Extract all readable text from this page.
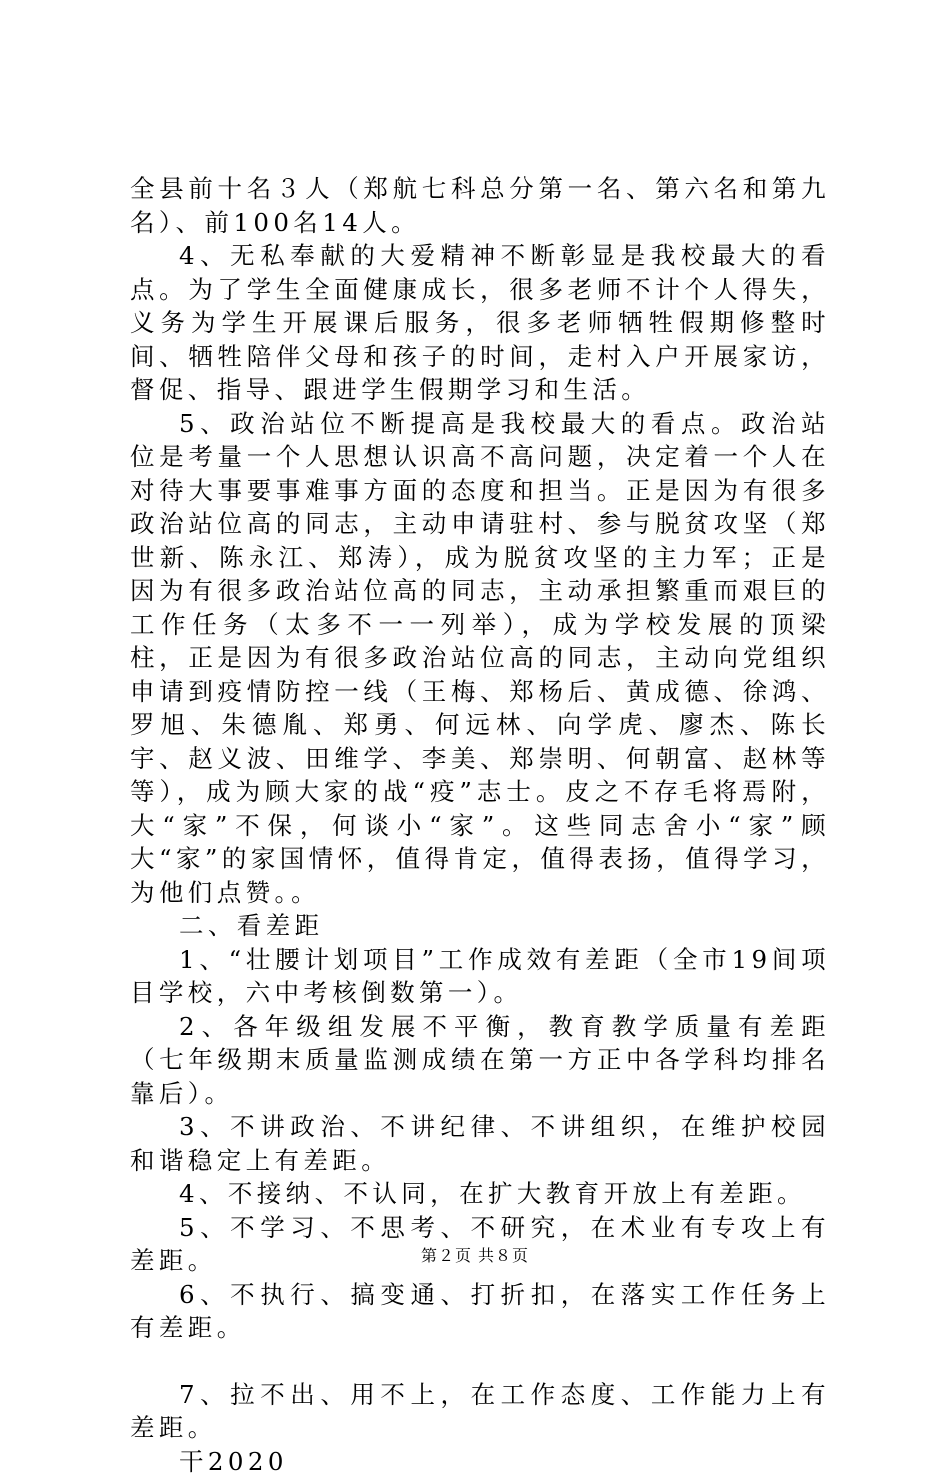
全县前十名３人（郑航七科总分第一名、第六名和第九名）、前100名14人。

4、无私奉献的大爱精神不断彰显是我校最大的看点。为了学生全面健康成长，很多老师不计个人得失，义务为学生开展课后服务，很多老师牺牲假期修整时间、牺牲陪伴父母和孩子的时间，走村入户开展家访，督促、指导、跟进学生假期学习和生活。

5、政治站位不断提高是我校最大的看点。政治站位是考量一个人思想认识高不高问题，决定着一个人在对待大事要事难事方面的态度和担当。正是因为有很多政治站位高的同志，主动申请驻村、参与脱贫攻坚（郑世新、陈永江、郑涛），成为脱贫攻坚的主力军；正是因为有很多政治站位高的同志，主动承担繁重而艰巨的工作任务（太多不一一列举），成为学校发展的顶梁柱，正是因为有很多政治站位高的同志，主动向党组织申请到疫情防控一线（王梅、郑杨后、黄成德、徐鸿、罗旭、朱德胤、郑勇、何远林、向学虎、廖杰、陈长宇、赵义波、田维学、李美、郑崇明、何朝富、赵林等等），成为顾大家的战“疫”志士。皮之不存毛将焉附，大“家”不保，何谈小“家”。这些同志舍小“家”顾大“家”的家国情怀，值得肯定，值得表扬，值得学习，为他们点赞。。

二、看差距

1、“壮腰计划项目”工作成效有差距（全市19间项目学校，六中考核倒数第一）。

2、各年级组发展不平衡，教育教学质量有差距（七年级期末质量监测成绩在第一方正中各学科均排名靠后）。

3、不讲政治、不讲纪律、不讲组织，在维护校园和谐稳定上有差距。

4、不接纳、不认同，在扩大教育开放上有差距。

5、不学习、不思考、不研究，在术业有专攻上有差距。

6、不执行、搞变通、打折扣，在落实工作任务上有差距。

7、拉不出、用不上，在工作态度、工作能力上有差距。

干2020

第２页 共８页
